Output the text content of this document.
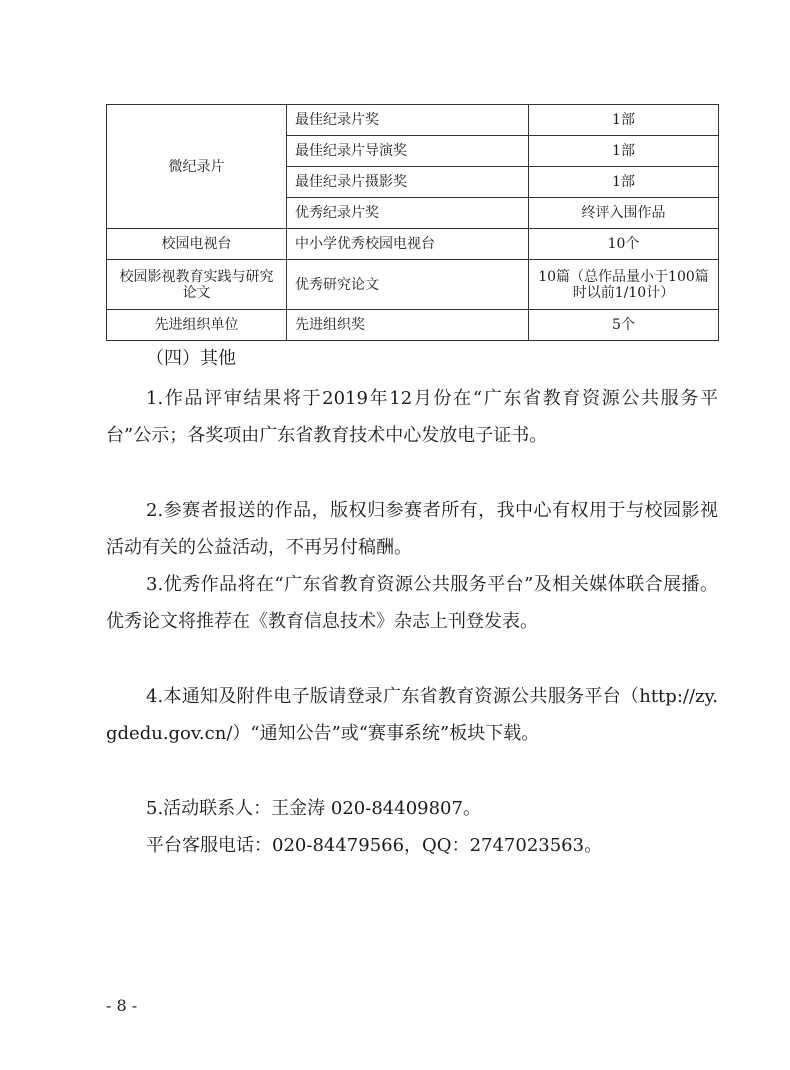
微纪录片	最佳纪录片奖	1部
	最佳纪录片导演奖	1部
	最佳纪录片摄影奖	1部
	优秀纪录片奖	终评入围作品
校园电视台	中小学优秀校园电视台	10个
校园影视教育实践与研究论文	优秀研究论文	10篇（总作品量小于100篇时以前1/10计）
先进组织单位	先进组织奖	5个
（四）其他
1.作品评审结果将于2019年12月份在“广东省教育资源公共服务平台”公示；各奖项由广东省教育技术中心发放电子证书。
2.参赛者报送的作品，版权归参赛者所有，我中心有权用于与校园影视活动有关的公益活动，不再另付稿酬。
3.优秀作品将在“广东省教育资源公共服务平台”及相关媒体联合展播。优秀论文将推荐在《教育信息技术》杂志上刊登发表。
4.本通知及附件电子版请登录广东省教育资源公共服务平台（http://zy.gdedu.gov.cn/）“通知公告”或“赛事系统”板块下载。
5.活动联系人：王金涛 020-84409807。
平台客服电话：020-84479566，QQ：2747023563。
- 8 -
